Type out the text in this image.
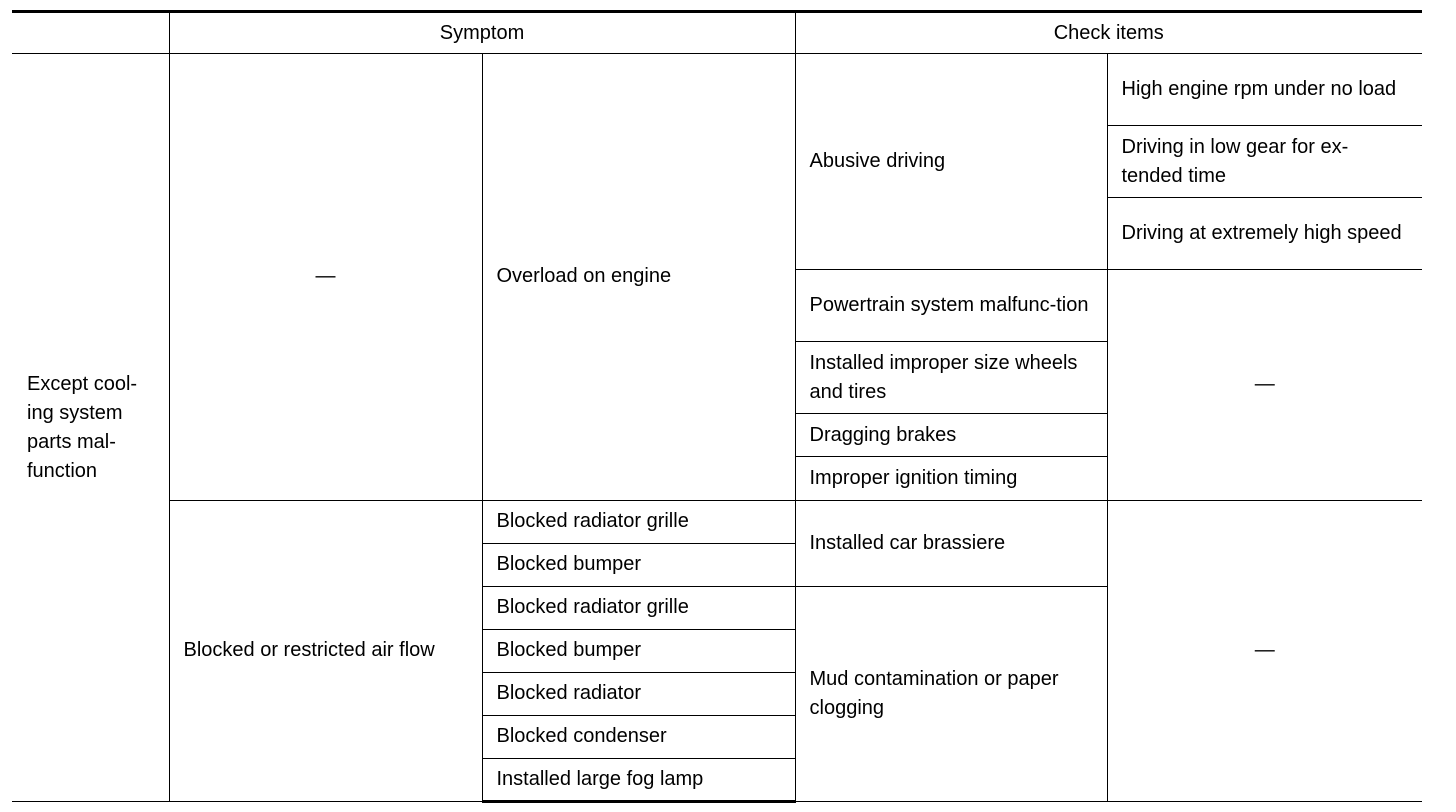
	Symptom		Check items	
Except cool-ing system parts mal-function	—	Overload on engine	Abusive driving	High engine rpm under no load
				Driving in low gear for ex-tended time
				Driving at extremely high speed
			Powertrain system malfunc-tion	—
			Installed improper size wheels and tires	
			Dragging brakes	
			Improper ignition timing	
	Blocked or restricted air flow	Blocked radiator grille	Installed car brassiere	—
		Blocked bumper		
		Blocked radiator grille	Mud contamination or paper clogging	
		Blocked bumper		
		Blocked radiator		
		Blocked condenser		
		Installed large fog lamp		
